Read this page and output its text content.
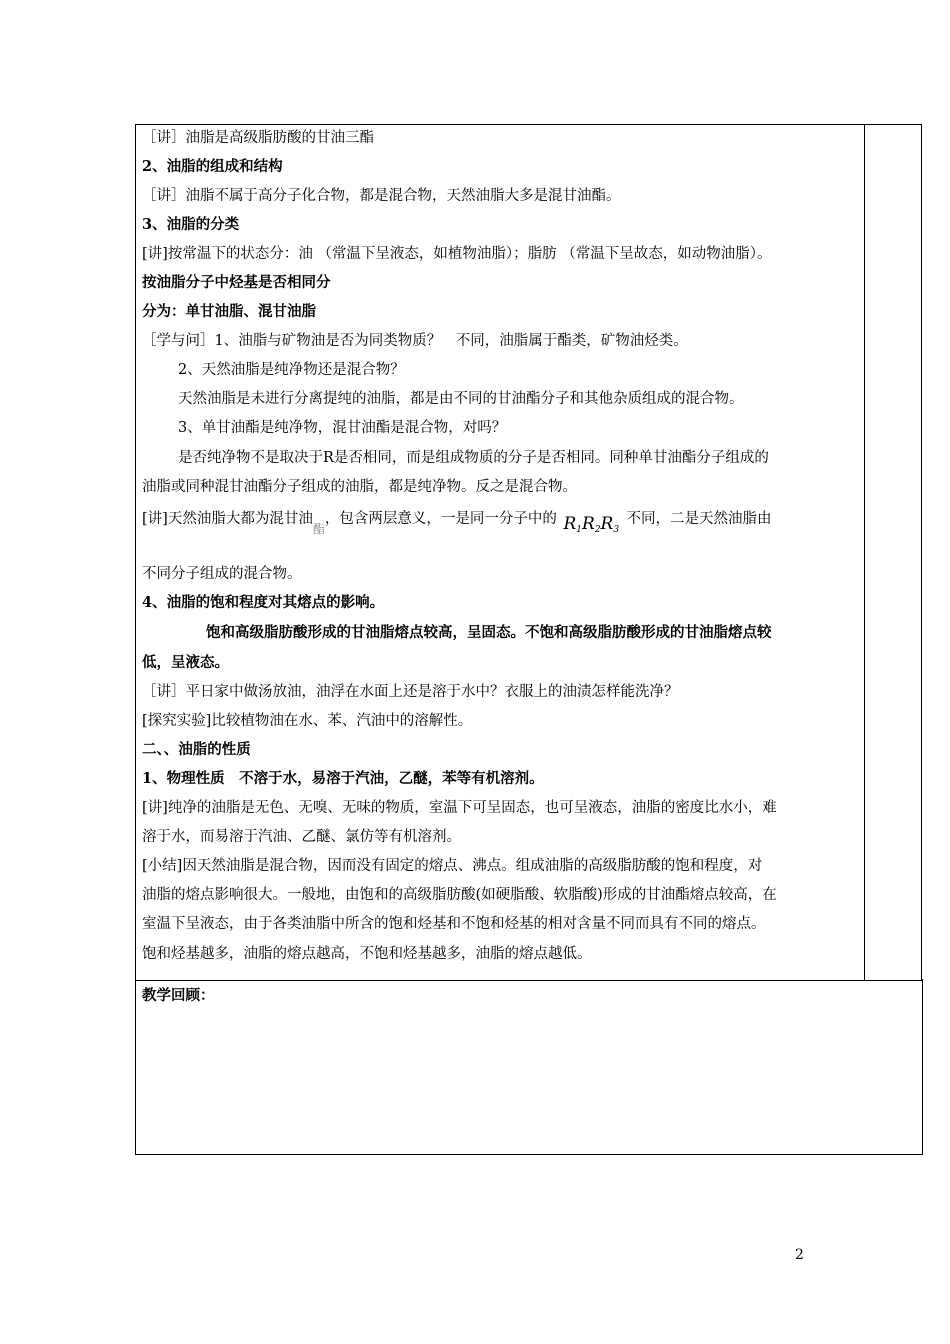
［讲］油脂是高级脂肪酸的甘油三酯
2、油脂的组成和结构
［讲］油脂不属于高分子化合物，都是混合物，天然油脂大多是混甘油酯。
3、油脂的分类
[讲]按常温下的状态分：油 （常温下呈液态，如植物油脂）；脂肪 （常温下呈故态，如动物油脂）。
按油脂分子中烃基是否相同分
分为：单甘油脂、混甘油脂
［学与问］1、油脂与矿物油是否为同类物质？　不同，油脂属于酯类，矿物油烃类。
2、天然油脂是纯净物还是混合物？
天然油脂是未进行分离提纯的油脂，都是由不同的甘油酯分子和其他杂质组成的混合物。
3、单甘油酯是纯净物，混甘油酯是混合物，对吗？
是否纯净物不是取决于R是否相同，而是组成物质的分子是否相同。同种单甘油酯分子组成的
油脂或同种混甘油酯分子组成的油脂，都是纯净物。反之是混合物。
[讲]天然油脂大都为混甘油$_酯$，包含两层意义，一是同一分子中的 $R_1R_2R_3$ 不同，二是天然油脂由
不同分子组成的混合物。
4、油脂的饱和程度对其熔点的影响。
饱和高级脂肪酸形成的甘油脂熔点较高，呈固态。不饱和高级脂肪酸形成的甘油脂熔点较
低，呈液态。
［讲］平日家中做汤放油，油浮在水面上还是溶于水中？衣服上的油渍怎样能洗净？
[探究实验]比较植物油在水、苯、汽油中的溶解性。
二、、油脂的性质
1、物理性质　不溶于水，易溶于汽油，乙醚，苯等有机溶剂。
[讲]纯净的油脂是无色、无嗅、无味的物质，室温下可呈固态，也可呈液态，油脂的密度比水小，难
溶于水，而易溶于汽油、乙醚、氯仿等有机溶剂。
[小结]因天然油脂是混合物，因而没有固定的熔点、沸点。组成油脂的高级脂肪酸的饱和程度，对
油脂的熔点影响很大。一般地，由饱和的高级脂肪酸(如硬脂酸、软脂酸)形成的甘油酯熔点较高，在
室温下呈液态，由于各类油脂中所含的饱和烃基和不饱和烃基的相对含量不同而具有不同的熔点。
饱和烃基越多，油脂的熔点越高，不饱和烃基越多，油脂的熔点越低。
教学回顾：
2
